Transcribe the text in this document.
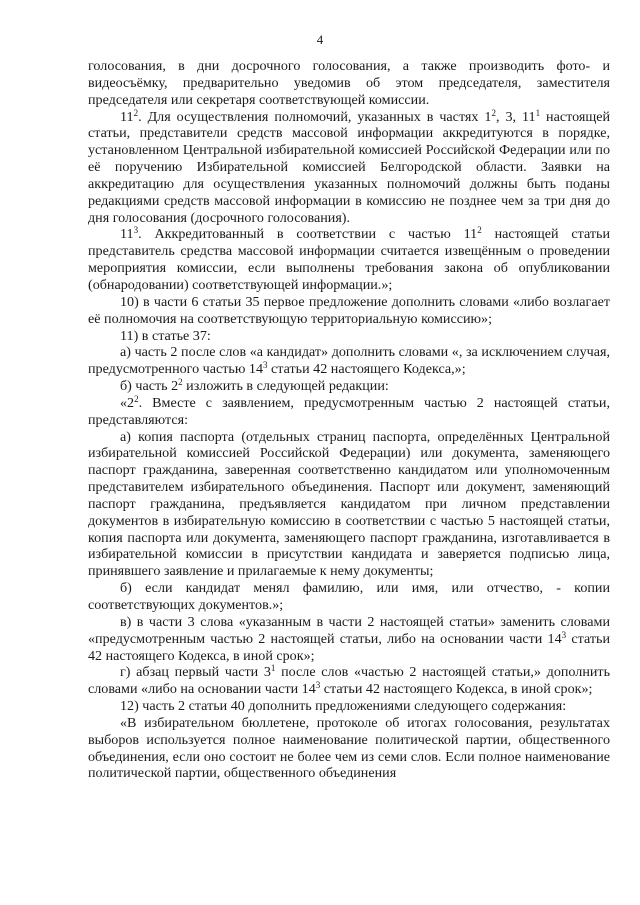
4

голосования, в дни досрочного голосования, а также производить фото- и видеосъёмку, предварительно уведомив об этом председателя, заместителя председателя или секретаря соответствующей комиссии.

$11^2$. Для осуществления полномочий, указанных в частях $1^2$, 3, $11^1$ настоящей статьи, представители средств массовой информации аккредитуются в порядке, установленном Центральной избирательной комиссией Российской Федерации или по её поручению Избирательной комиссией Белгородской области. Заявки на аккредитацию для осуществления указанных полномочий должны быть поданы редакциями средств массовой информации в комиссию не позднее чем за три дня до дня голосования (досрочного голосования).

$11^3$. Аккредитованный в соответствии с частью $11^2$ настоящей статьи представитель средства массовой информации считается извещённым о проведении мероприятия комиссии, если выполнены требования закона об опубликовании (обнародовании) соответствующей информации.»;

10) в части 6 статьи 35 первое предложение дополнить словами «либо возлагает её полномочия на соответствующую территориальную комиссию»;

11) в статье 37:

а) часть 2 после слов «а кандидат» дополнить словами «, за исключением случая, предусмотренного частью $14^3$ статьи 42 настоящего Кодекса,»;

б) часть $2^2$ изложить в следующей редакции:

«$2^2$. Вместе с заявлением, предусмотренным частью 2 настоящей статьи, представляются:

а) копия паспорта (отдельных страниц паспорта, определённых Центральной избирательной комиссией Российской Федерации) или документа, заменяющего паспорт гражданина, заверенная соответственно кандидатом или уполномоченным представителем избирательного объединения. Паспорт или документ, заменяющий паспорт гражданина, предъявляется кандидатом при личном представлении документов в избирательную комиссию в соответствии с частью 5 настоящей статьи, копия паспорта или документа, заменяющего паспорт гражданина, изготавливается в избирательной комиссии в присутствии кандидата и заверяется подписью лица, принявшего заявление и прилагаемые к нему документы;

б) если кандидат менял фамилию, или имя, или отчество, - копии соответствующих документов.»;

в) в части 3 слова «указанным в части 2 настоящей статьи» заменить словами «предусмотренным частью 2 настоящей статьи, либо на основании части $14^3$ статьи 42 настоящего Кодекса, в иной срок»;

г) абзац первый части $3^1$ после слов «частью 2 настоящей статьи,» дополнить словами «либо на основании части $14^3$ статьи 42 настоящего Кодекса, в иной срок»;

12) часть 2 статьи 40 дополнить предложениями следующего содержания:

«В избирательном бюллетене, протоколе об итогах голосования, результатах выборов используется полное наименование политической партии, общественного объединения, если оно состоит не более чем из семи слов. Если полное наименование политической партии, общественного объединения
